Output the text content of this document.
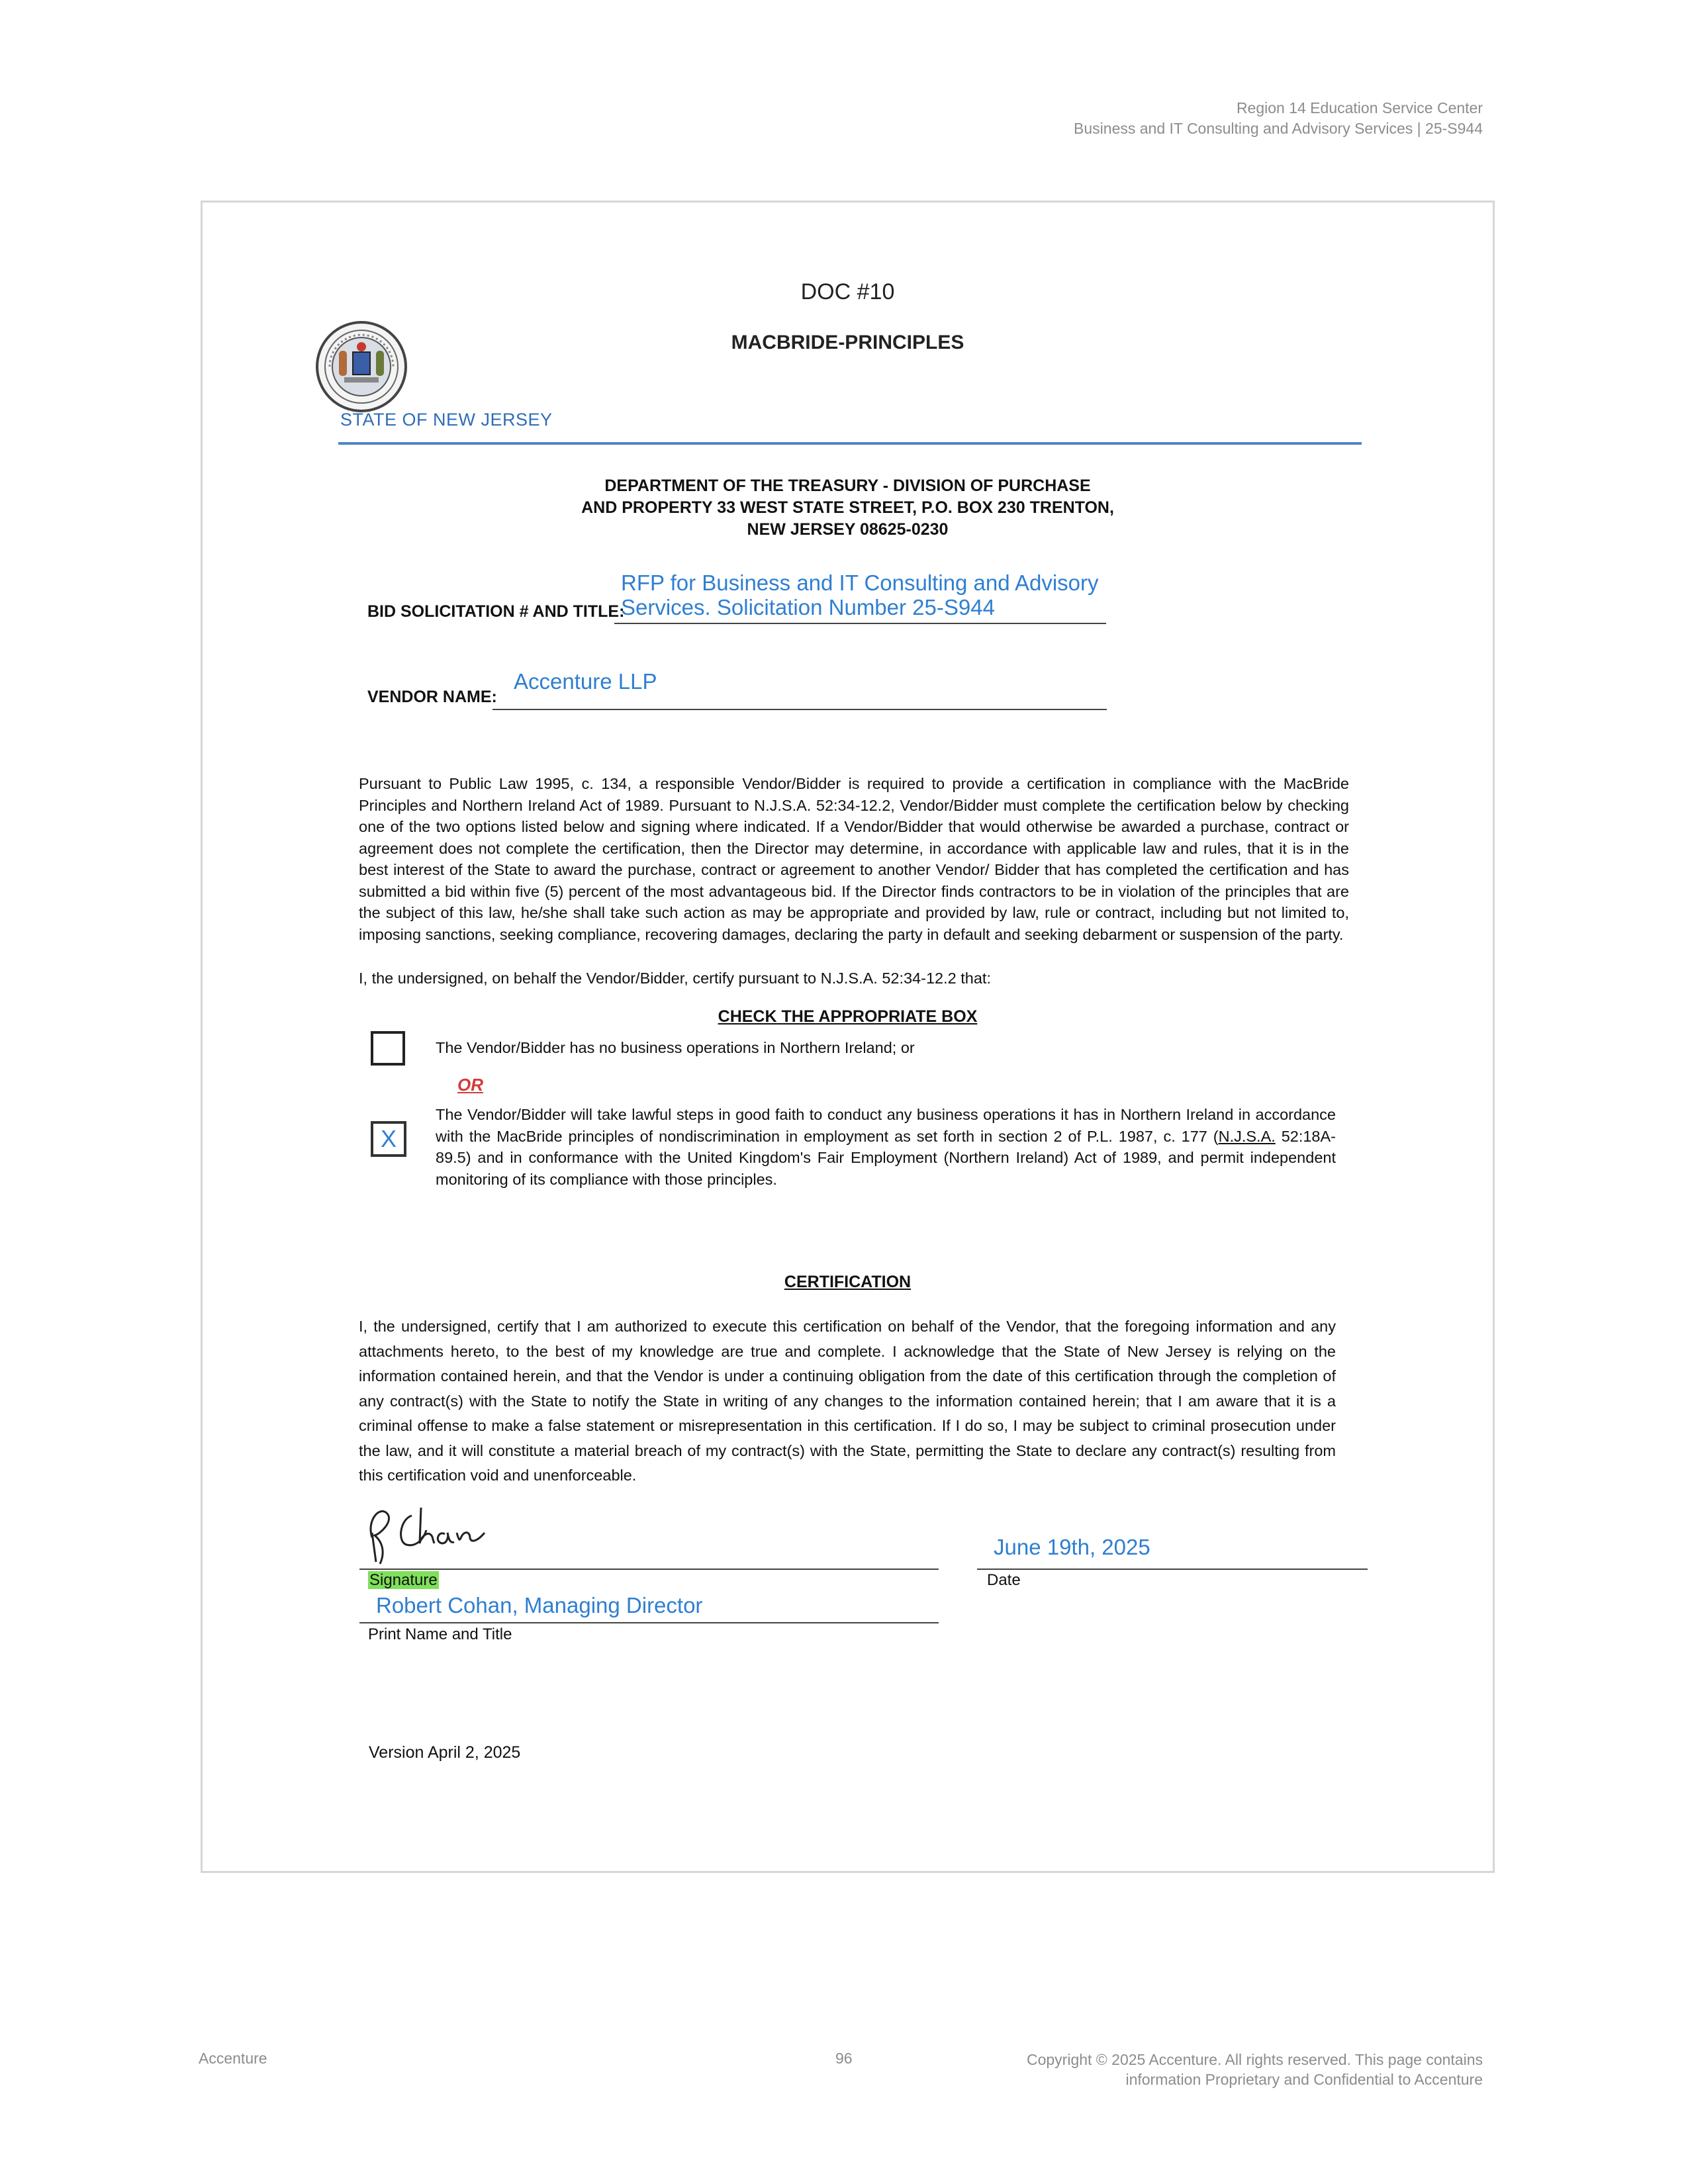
Region 14 Education Service Center
Business and IT Consulting and Advisory Services | 25-S944
DOC #10
MACBRIDE-PRINCIPLES
STATE OF NEW JERSEY
DEPARTMENT OF THE TREASURY - DIVISION OF PURCHASE
AND PROPERTY 33 WEST STATE STREET, P.O. BOX 230 TRENTON,
NEW JERSEY 08625-0230
BID SOLICITATION # AND TITLE:
RFP for Business and IT Consulting and Advisory
Services. Solicitation Number 25-S944
VENDOR NAME:
Accenture LLP
Pursuant to Public Law 1995, c. 134, a responsible Vendor/Bidder is required to provide a certification in compliance with the MacBride Principles and Northern Ireland Act of 1989. Pursuant to N.J.S.A. 52:34-12.2, Vendor/Bidder must complete the certification below by checking one of the two options listed below and signing where indicated. If a Vendor/Bidder that would otherwise be awarded a purchase, contract or agreement does not complete the certification, then the Director may determine, in accordance with applicable law and rules, that it is in the best interest of the State to award the purchase, contract or agreement to another Vendor/ Bidder that has completed the certification and has submitted a bid within five (5) percent of the most advantageous bid. If the Director finds contractors to be in violation of the principles that are the subject of this law, he/she shall take such action as may be appropriate and provided by law, rule or contract, including but not limited to, imposing sanctions, seeking compliance, recovering damages, declaring the party in default and seeking debarment or suspension of the party.
I, the undersigned, on behalf the Vendor/Bidder, certify pursuant to N.J.S.A. 52:34-12.2 that:
CHECK THE APPROPRIATE BOX
The Vendor/Bidder has no business operations in Northern Ireland; or
OR
X
The Vendor/Bidder will take lawful steps in good faith to conduct any business operations it has in Northern Ireland in accordance with the MacBride principles of nondiscrimination in employment as set forth in section 2 of P.L. 1987, c. 177 (N.J.S.A. 52:18A-89.5) and in conformance with the United Kingdom's Fair Employment (Northern Ireland) Act of 1989, and permit independent monitoring of its compliance with those principles.
CERTIFICATION
I, the undersigned, certify that I am authorized to execute this certification on behalf of the Vendor, that the foregoing information and any attachments hereto, to the best of my knowledge are true and complete. I acknowledge that the State of New Jersey is relying on the information contained herein, and that the Vendor is under a continuing obligation from the date of this certification through the completion of any contract(s) with the State to notify the State in writing of any changes to the information contained herein; that I am aware that it is a criminal offense to make a false statement or misrepresentation in this certification. If I do so, I may be subject to criminal prosecution under the law, and it will constitute a material breach of my contract(s) with the State, permitting the State to declare any contract(s) resulting from this certification void and unenforceable.
Signature
June 19th, 2025
Date
Robert Cohan, Managing Director
Print Name and Title
Version April 2, 2025
Accenture	96	Copyright © 2025 Accenture. All rights reserved. This page contains
information Proprietary and Confidential to Accenture
